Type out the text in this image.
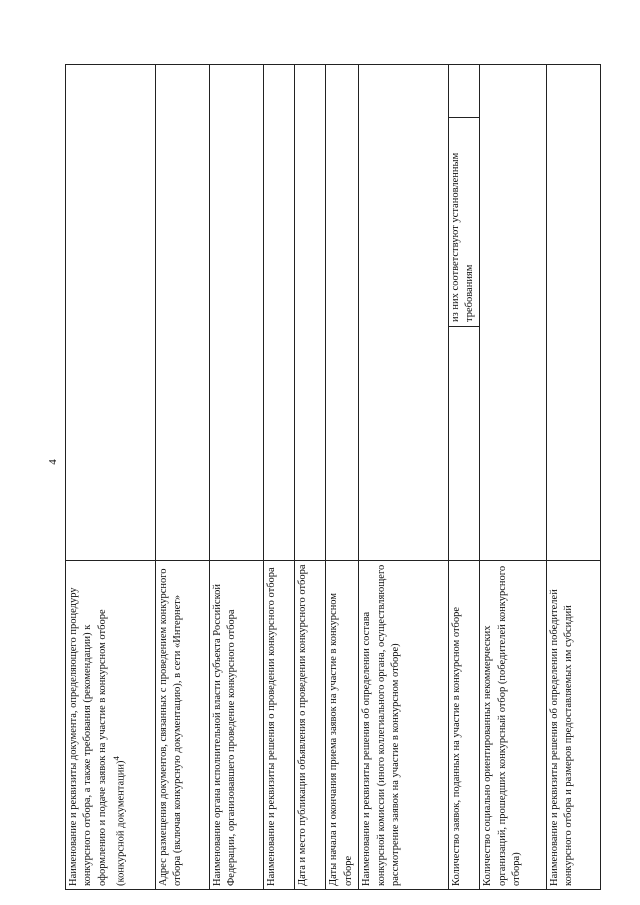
4
Наименование и реквизиты документа, определяющего процедуру конкурсного отбора, а также требования (рекомендации) к оформлению и подаче заявок на участие в конкурсном отборе (конкурсной документации)$^4$	
Адрес размещения документов, связанных с проведением конкурсного отбора (включая конкурсную документацию), в сети «Интернет»	
Наименование органа исполнительной власти субъекта Российской Федерации, организовавшего проведение конкурсного отбора	
Наименование и реквизиты решения о проведении конкурсного отбора	
Дата и место публикации объявления о проведении конкурсного отбора	
Даты начала и окончания приема заявок на участие в конкурсном отборе	
Наименование и реквизиты решения об определении состава конкурсной комиссии (иного коллегиального органа, осуществляющего рассмотрение заявок на участие в конкурсном отборе)	
Количество заявок, поданных на участие в конкурсном отборе	из них соответствуют установленным требованиям

Количество социально ориентированных некоммерческих организаций, прошедших конкурсный отбор (победителей конкурсного отбора)	
Наименование и реквизиты решения об определении победителей конкурсного отбора и размеров предоставляемых им субсидий	
